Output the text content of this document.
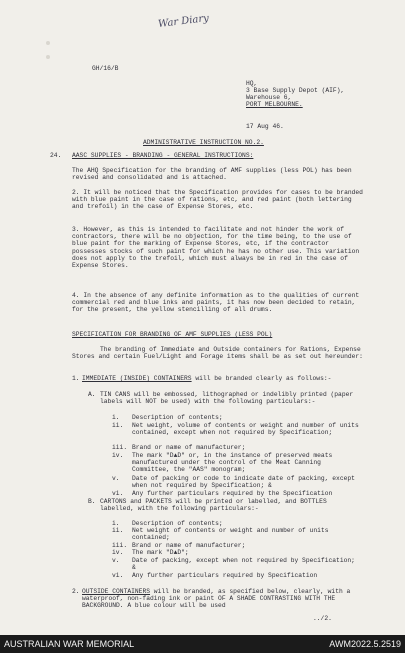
War Diary
GH/16/B
HQ,
3 Base Supply Depot (AIF),
Warehouse 6,
PORT MELBOURNE.
17 Aug 46.
ADMINISTRATIVE INSTRUCTION NO.2.
24. AASC SUPPLIES - BRANDING - GENERAL INSTRUCTIONS:
The AHQ Specification for the branding of AMF supplies (less POL) has been revised and consolidated and is attached.
2. It will be noticed that the Specification provides for cases to be branded with blue paint in the case of rations, etc, and red paint (both lettering and trefoil) in the case of Expense Stores, etc.
3. However, as this is intended to facilitate and not hinder the work of contractors, there will be no objection, for the time being, to the use of blue paint for the marking of Expense Stores, etc, if the contractor possesses stocks of such paint for which he has no other use. This variation does not apply to the trefoil, which must always be in red in the case of Expense Stores.
4. In the absence of any definite information as to the qualities of current commercial red and blue inks and paints, it has now been decided to retain, for the present, the yellow stencilling of all drums.
SPECIFICATION FOR BRANDING OF AMF SUPPLIES (LESS POL)
The branding of Immediate and Outside containers for Rations, Expense Stores and certain Fuel/Light and Forage items shall be as set out hereunder:
1. IMMEDIATE (INSIDE) CONTAINERS will be branded clearly as follows:-
A. TIN CANS will be embossed, lithographed or indelibly printed (paper labels will NOT be used) with the following particulars:-
i. Description of contents;
ii. Net weight, volume of contents or weight and number of units contained, except when not required by Specification;
iii. Brand or name of manufacturer;
iv. The mark "D▲D" or, in the instance of preserved meats manufactured under the control of the Meat Canning Committee, the "AAS" monogram;
v. Date of packing or code to indicate date of packing, except when not required by Specification; &
vi. Any further particulars required by the Specification
B. CARTONS and PACKETS will be printed or labelled, and BOTTLES labelled, with the following particulars:-
i. Description of contents;
ii. Net weight of contents or weight and number of units contained;
iii. Brand or name of manufacturer;
iv. The mark "D▲D";
v. Date of packing, except when not required by Specification; &
vi. Any further particulars required by Specification
2. OUTSIDE CONTAINERS will be branded, as specified below, clearly, with a waterproof, non-fading ink or paint OF A SHADE CONTRASTING WITH THE BACKGROUND. A blue colour will be used
../2.
AUSTRALIAN WAR MEMORIAL	AWM2022.5.2519
